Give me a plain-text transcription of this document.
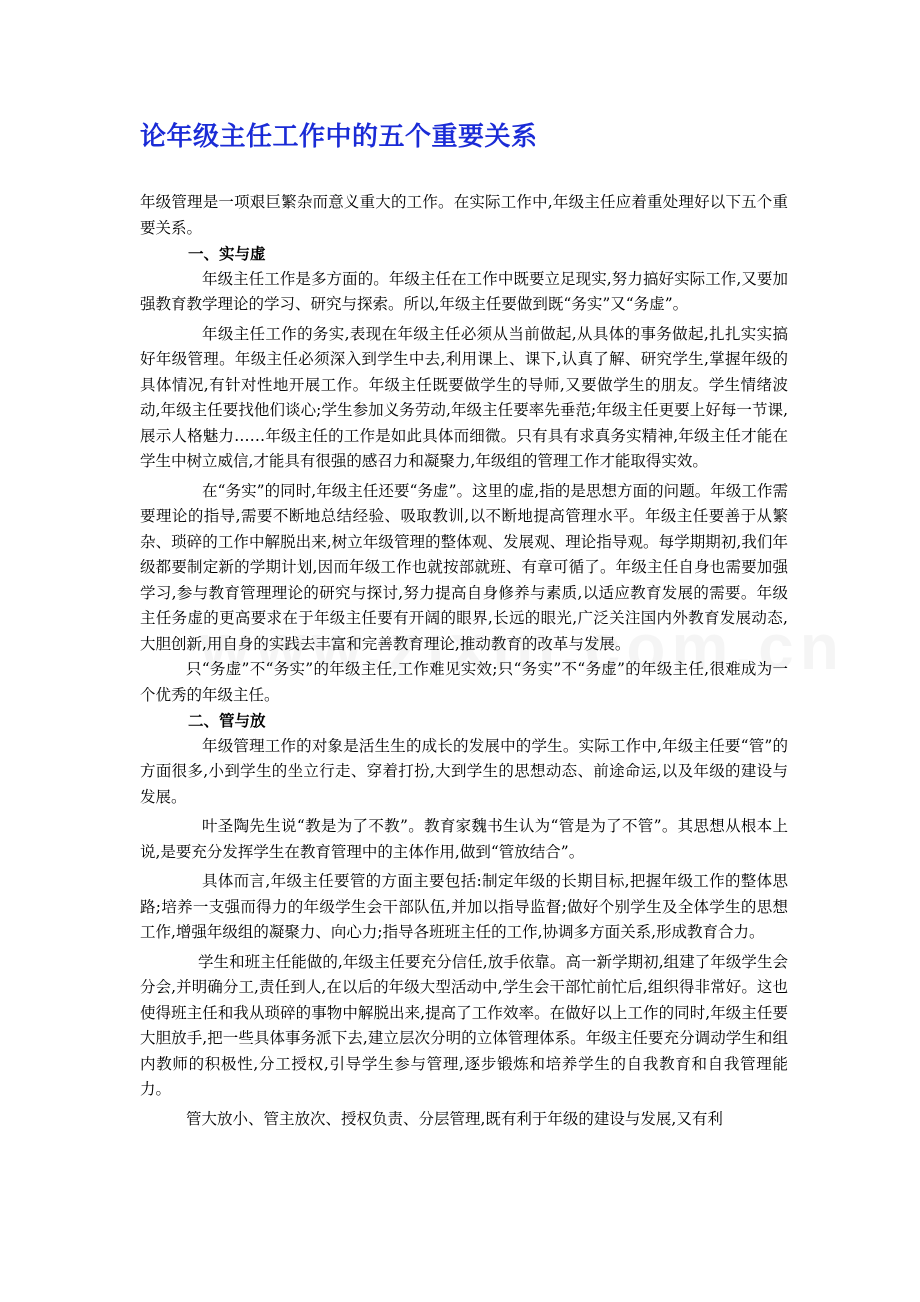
论年级主任工作中的五个重要关系

年级管理是一项艰巨繁杂而意义重大的工作。在实际工作中,年级主任应着重处理好以下五个重要关系。

一、实与虚

年级主任工作是多方面的。年级主任在工作中既要立足现实,努力搞好实际工作,又要加强教育教学理论的学习、研究与探索。所以,年级主任要做到既“务实”又“务虚”。

年级主任工作的务实,表现在年级主任必须从当前做起,从具体的事务做起,扎扎实实搞好年级管理。年级主任必须深入到学生中去,利用课上、课下,认真了解、研究学生,掌握年级的具体情况,有针对性地开展工作。年级主任既要做学生的导师,又要做学生的朋友。学生情绪波动,年级主任要找他们谈心;学生参加义务劳动,年级主任要率先垂范;年级主任更要上好每一节课,展示人格魅力……年级主任的工作是如此具体而细微。只有具有求真务实精神,年级主任才能在学生中树立威信,才能具有很强的感召力和凝聚力,年级组的管理工作才能取得实效。

在“务实”的同时,年级主任还要“务虚”。这里的虚,指的是思想方面的问题。年级工作需要理论的指导,需要不断地总结经验、吸取教训,以不断地提高管理水平。年级主任要善于从繁杂、琐碎的工作中解脱出来,树立年级管理的整体观、发展观、理论指导观。每学期期初,我们年级都要制定新的学期计划,因而年级工作也就按部就班、有章可循了。年级主任自身也需要加强学习,参与教育管理理论的研究与探讨,努力提高自身修养与素质,以适应教育发展的需要。年级主任务虚的更高要求在于年级主任要有开阔的眼界,长远的眼光,广泛关注国内外教育发展动态,大胆创新,用自身的实践去丰富和完善教育理论,推动教育的改革与发展。

只“务虚”不“务实”的年级主任,工作难见实效;只“务实”不“务虚”的年级主任,很难成为一个优秀的年级主任。

二、管与放

年级管理工作的对象是活生生的成长的发展中的学生。实际工作中,年级主任要“管”的方面很多,小到学生的坐立行走、穿着打扮,大到学生的思想动态、前途命运,以及年级的建设与发展。

叶圣陶先生说“教是为了不教”。教育家魏书生认为“管是为了不管”。其思想从根本上说,是要充分发挥学生在教育管理中的主体作用,做到“管放结合”。

具体而言,年级主任要管的方面主要包括:制定年级的长期目标,把握年级工作的整体思路;培养一支强而得力的年级学生会干部队伍,并加以指导监督;做好个别学生及全体学生的思想工作,增强年级组的凝聚力、向心力;指导各班班主任的工作,协调多方面关系,形成教育合力。

学生和班主任能做的,年级主任要充分信任,放手依靠。高一新学期初,组建了年级学生会分会,并明确分工,责任到人,在以后的年级大型活动中,学生会干部忙前忙后,组织得非常好。这也使得班主任和我从琐碎的事物中解脱出来,提高了工作效率。在做好以上工作的同时,年级主任要大胆放手,把一些具体事务派下去,建立层次分明的立体管理体系。年级主任要充分调动学生和组内教师的积极性,分工授权,引导学生参与管理,逐步锻炼和培养学生的自我教育和自我管理能力。

管大放小、管主放次、授权负责、分层管理,既有利于年级的建设与发展,又有利
